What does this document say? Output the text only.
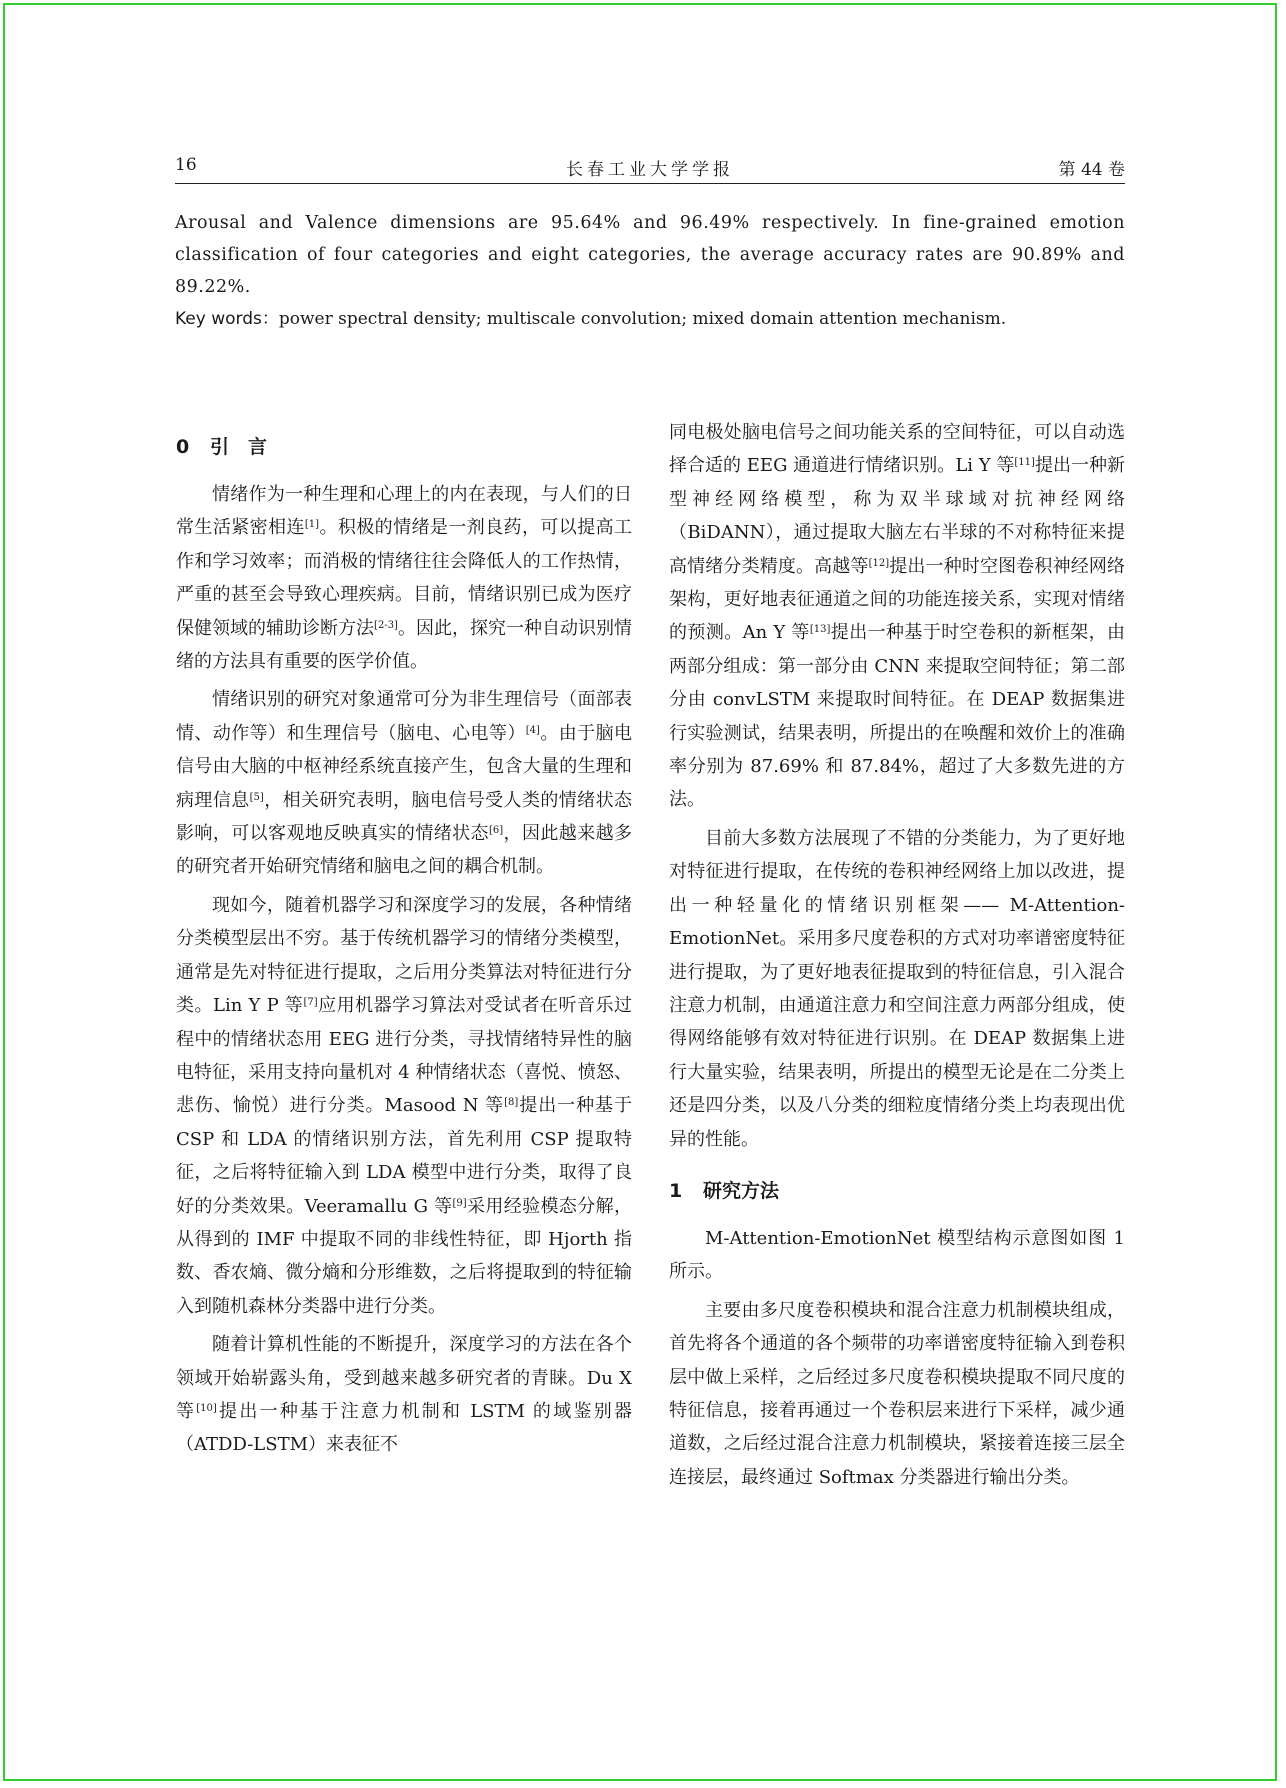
16	长春工业大学学报	第 44 卷
Arousal and Valence dimensions are 95.64% and 96.49% respectively. In fine-grained emotion classification of four categories and eight categories, the average accuracy rates are 90.89% and 89.22%.
Key words：power spectral density; multiscale convolution; mixed domain attention mechanism.
0 引　言

情绪作为一种生理和心理上的内在表现，与人们的日常生活紧密相连[1]。积极的情绪是一剂良药，可以提高工作和学习效率；而消极的情绪往往会降低人的工作热情，严重的甚至会导致心理疾病。目前，情绪识别已成为医疗保健领域的辅助诊断方法[2-3]。因此，探究一种自动识别情绪的方法具有重要的医学价值。

情绪识别的研究对象通常可分为非生理信号（面部表情、动作等）和生理信号（脑电、心电等）[4]。由于脑电信号由大脑的中枢神经系统直接产生，包含大量的生理和病理信息[5]，相关研究表明，脑电信号受人类的情绪状态影响，可以客观地反映真实的情绪状态[6]，因此越来越多的研究者开始研究情绪和脑电之间的耦合机制。

现如今，随着机器学习和深度学习的发展，各种情绪分类模型层出不穷。基于传统机器学习的情绪分类模型，通常是先对特征进行提取，之后用分类算法对特征进行分类。Lin Y P 等[7]应用机器学习算法对受试者在听音乐过程中的情绪状态用 EEG 进行分类，寻找情绪特异性的脑电特征，采用支持向量机对 4 种情绪状态（喜悦、愤怒、悲伤、愉悦）进行分类。Masood N 等[8]提出一种基于 CSP 和 LDA 的情绪识别方法，首先利用 CSP 提取特征，之后将特征输入到 LDA 模型中进行分类，取得了良好的分类效果。Veeramallu G 等[9]采用经验模态分解，从得到的 IMF 中提取不同的非线性特征，即 Hjorth 指数、香农熵、微分熵和分形维数，之后将提取到的特征输入到随机森林分类器中进行分类。

随着计算机性能的不断提升，深度学习的方法在各个领域开始崭露头角，受到越来越多研究者的青睐。Du X 等[10]提出一种基于注意力机制和 LSTM 的域鉴别器（ATDD-LSTM）来表征不

同电极处脑电信号之间功能关系的空间特征，可以自动选择合适的 EEG 通道进行情绪识别。Li Y 等[11]提出一种新型神经网络模型，称为双半球域对抗神经网络（BiDANN），通过提取大脑左右半球的不对称特征来提高情绪分类精度。高越等[12]提出一种时空图卷积神经网络架构，更好地表征通道之间的功能连接关系，实现对情绪的预测。An Y 等[13]提出一种基于时空卷积的新框架，由两部分组成：第一部分由 CNN 来提取空间特征；第二部分由 convLSTM 来提取时间特征。在 DEAP 数据集进行实验测试，结果表明，所提出的在唤醒和效价上的准确率分别为 87.69% 和 87.84%，超过了大多数先进的方法。

目前大多数方法展现了不错的分类能力，为了更好地对特征进行提取，在传统的卷积神经网络上加以改进，提出一种轻量化的情绪识别框架—— M-Attention-EmotionNet。采用多尺度卷积的方式对功率谱密度特征进行提取，为了更好地表征提取到的特征信息，引入混合注意力机制，由通道注意力和空间注意力两部分组成，使得网络能够有效对特征进行识别。在 DEAP 数据集上进行大量实验，结果表明，所提出的模型无论是在二分类上还是四分类，以及八分类的细粒度情绪分类上均表现出优异的性能。

1 研究方法

M-Attention-EmotionNet 模型结构示意图如图 1 所示。

主要由多尺度卷积模块和混合注意力机制模块组成，首先将各个通道的各个频带的功率谱密度特征输入到卷积层中做上采样，之后经过多尺度卷积模块提取不同尺度的特征信息，接着再通过一个卷积层来进行下采样，减少通道数，之后经过混合注意力机制模块，紧接着连接三层全连接层，最终通过 Softmax 分类器进行输出分类。
